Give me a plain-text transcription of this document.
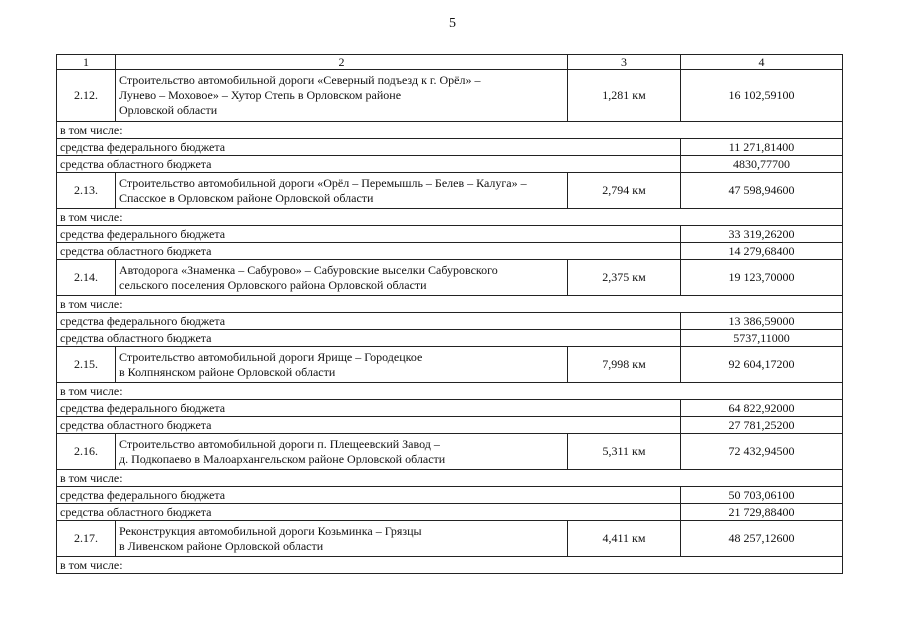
5
1	2	3	4
2.12.	Строительство автомобильной дороги «Северный подъезд к г. Орёл» –
Лунево – Моховое» – Хутор Степь в Орловском районе
Орловской области	1,281 км	16 102,59100
в том числе:			
средства федерального бюджета			11 271,81400
средства областного бюджета			4830,77700
2.13.	Строительство автомобильной дороги «Орёл – Перемышль – Белев – Калуга» –
Спасское в Орловском районе Орловской области	2,794 км	47 598,94600
в том числе:			
средства федерального бюджета			33 319,26200
средства областного бюджета			14 279,68400
2.14.	Автодорога «Знаменка – Сабурово» – Сабуровские выселки Сабуровского
сельского поселения Орловского района Орловской области	2,375 км	19 123,70000
в том числе:			
средства федерального бюджета			13 386,59000
средства областного бюджета			5737,11000
2.15.	Строительство автомобильной дороги Ярище – Городецкое
в Колпнянском районе Орловской области	7,998 км	92 604,17200
в том числе:			
средства федерального бюджета			64 822,92000
средства областного бюджета			27 781,25200
2.16.	Строительство автомобильной дороги п. Плещеевский Завод –
д. Подкопаево в Малоархангельском районе Орловской области	5,311 км	72 432,94500
в том числе:			
средства федерального бюджета			50 703,06100
средства областного бюджета			21 729,88400
2.17.	Реконструкция автомобильной дороги Козьминка – Грязцы
в Ливенском районе Орловской области	4,411 км	48 257,12600
в том числе:			
